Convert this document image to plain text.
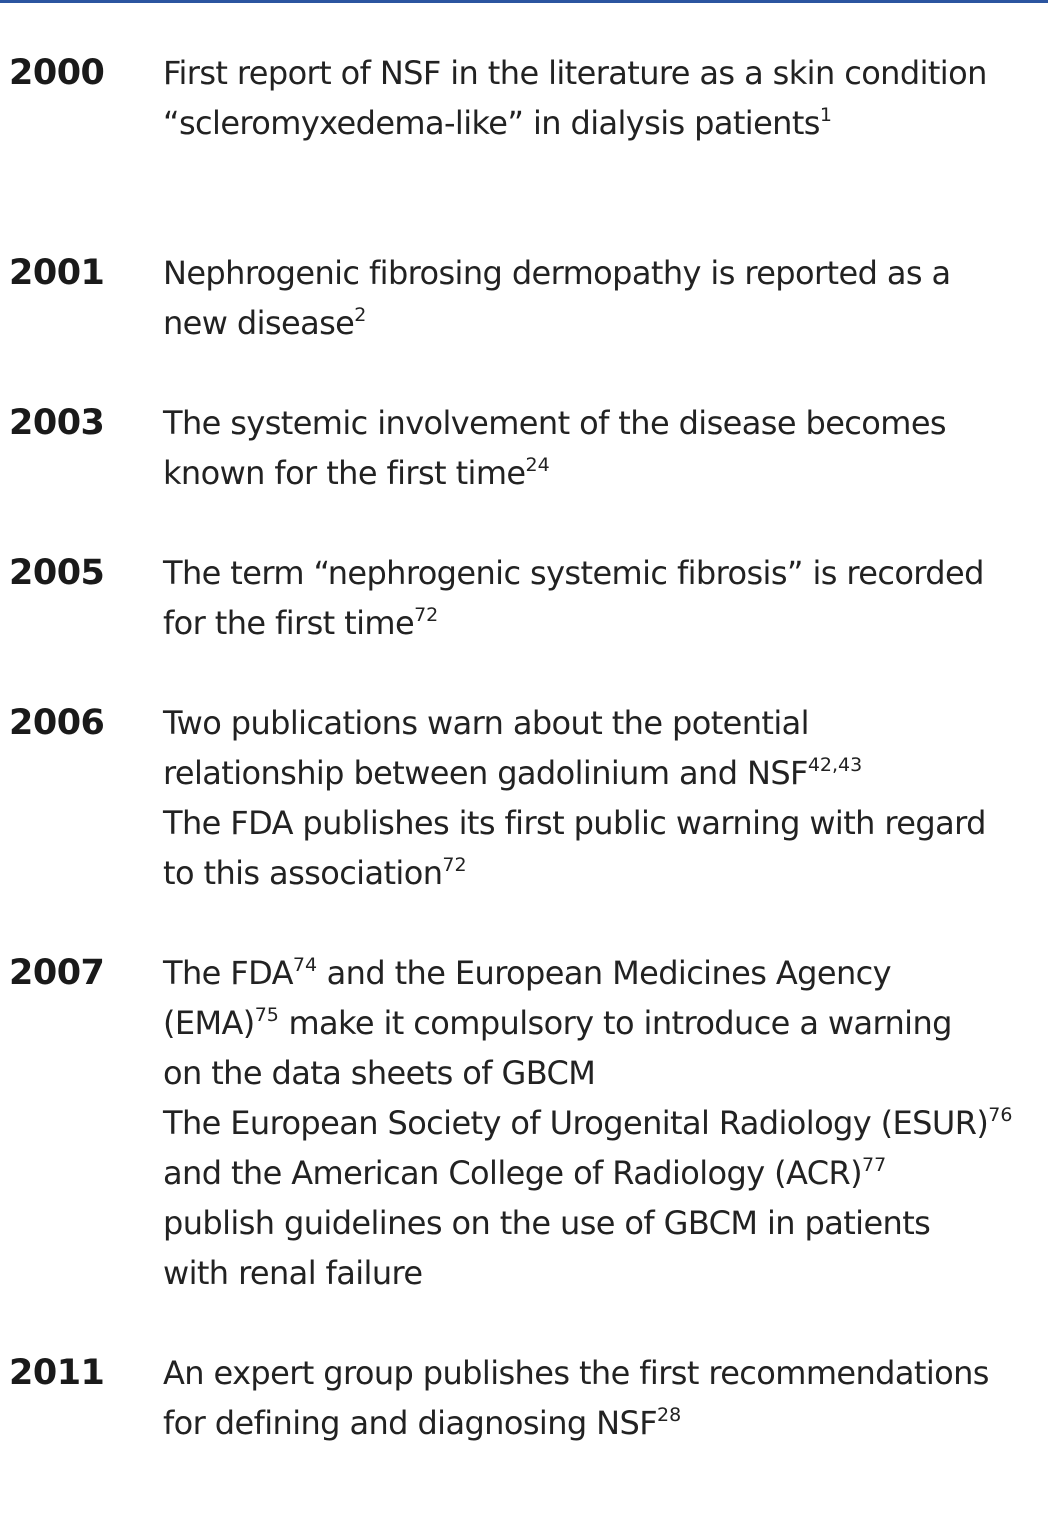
2000 First report of NSF in the literature as a skin condition
“scleromyxedema-like” in dialysis patients$^1$
2001 Nephrogenic fibrosing dermopathy is reported as a
new disease$^2$
2003 The systemic involvement of the disease becomes
known for the first time$^{24}$
2005 The term “nephrogenic systemic fibrosis” is recorded
for the first time$^{72}$
2006 Two publications warn about the potential
relationship between gadolinium and NSF$^{42,43}$
The FDA publishes its first public warning with regard
to this association$^{72}$
2007 The FDA$^{74}$ and the European Medicines Agency
(EMA)$^{75}$ make it compulsory to introduce a warning
on the data sheets of GBCM
The European Society of Urogenital Radiology (ESUR)$^{76}$
and the American College of Radiology (ACR)$^{77}$
publish guidelines on the use of GBCM in patients
with renal failure
2011 An expert group publishes the first recommendations
for defining and diagnosing NSF$^{28}$
